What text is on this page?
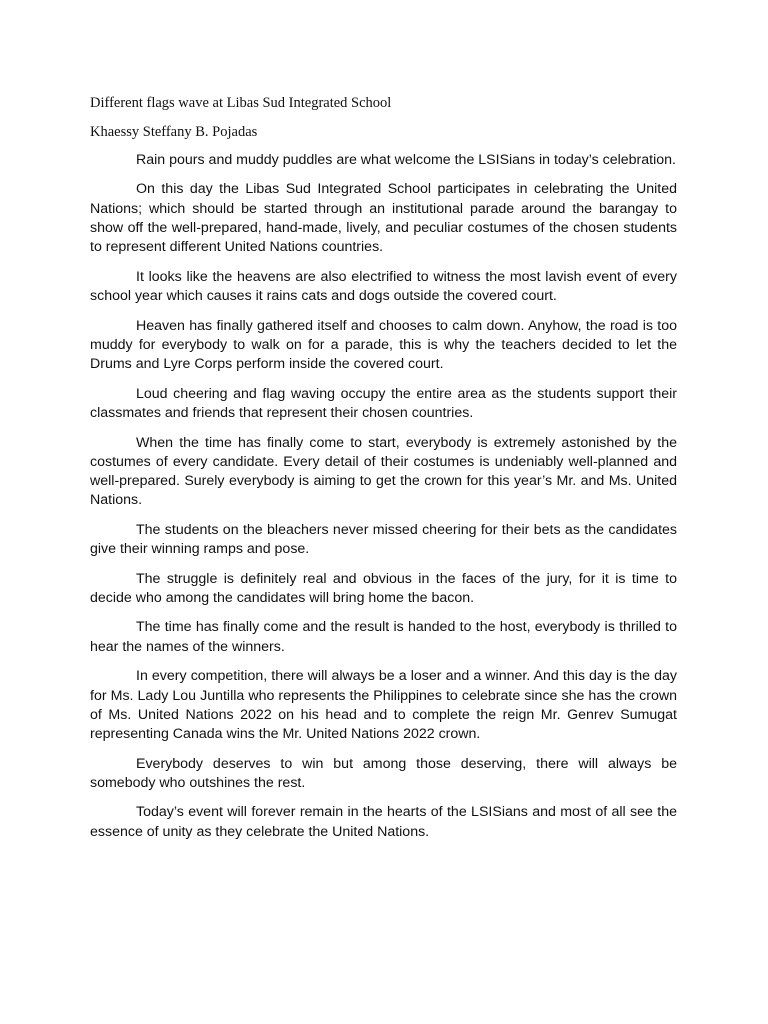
Different flags wave at Libas Sud Integrated School

Khaessy Steffany B. Pojadas

Rain pours and muddy puddles are what welcome the LSISians in today’s celebration.

On this day the Libas Sud Integrated School participates in celebrating the United Nations; which should be started through an institutional parade around the barangay to show off the well-prepared, hand-made, lively, and peculiar costumes of the chosen students to represent different United Nations countries.

It looks like the heavens are also electrified to witness the most lavish event of every school year which causes it rains cats and dogs outside the covered court.

Heaven has finally gathered itself and chooses to calm down. Anyhow, the road is too muddy for everybody to walk on for a parade, this is why the teachers decided to let the Drums and Lyre Corps perform inside the covered court.

Loud cheering and flag waving occupy the entire area as the students support their classmates and friends that represent their chosen countries.

When the time has finally come to start, everybody is extremely astonished by the costumes of every candidate. Every detail of their costumes is undeniably well-planned and well-prepared. Surely everybody is aiming to get the crown for this year’s Mr. and Ms. United Nations.

The students on the bleachers never missed cheering for their bets as the candidates give their winning ramps and pose.

The struggle is definitely real and obvious in the faces of the jury, for it is time to decide who among the candidates will bring home the bacon.

The time has finally come and the result is handed to the host, everybody is thrilled to hear the names of the winners.

In every competition, there will always be a loser and a winner. And this day is the day for Ms. Lady Lou Juntilla who represents the Philippines to celebrate since she has the crown of Ms. United Nations 2022 on his head and to complete the reign Mr. Genrev Sumugat representing Canada wins the Mr. United Nations 2022 crown.

Everybody deserves to win but among those deserving, there will always be somebody who outshines the rest.

Today’s event will forever remain in the hearts of the LSISians and most of all see the essence of unity as they celebrate the United Nations.
